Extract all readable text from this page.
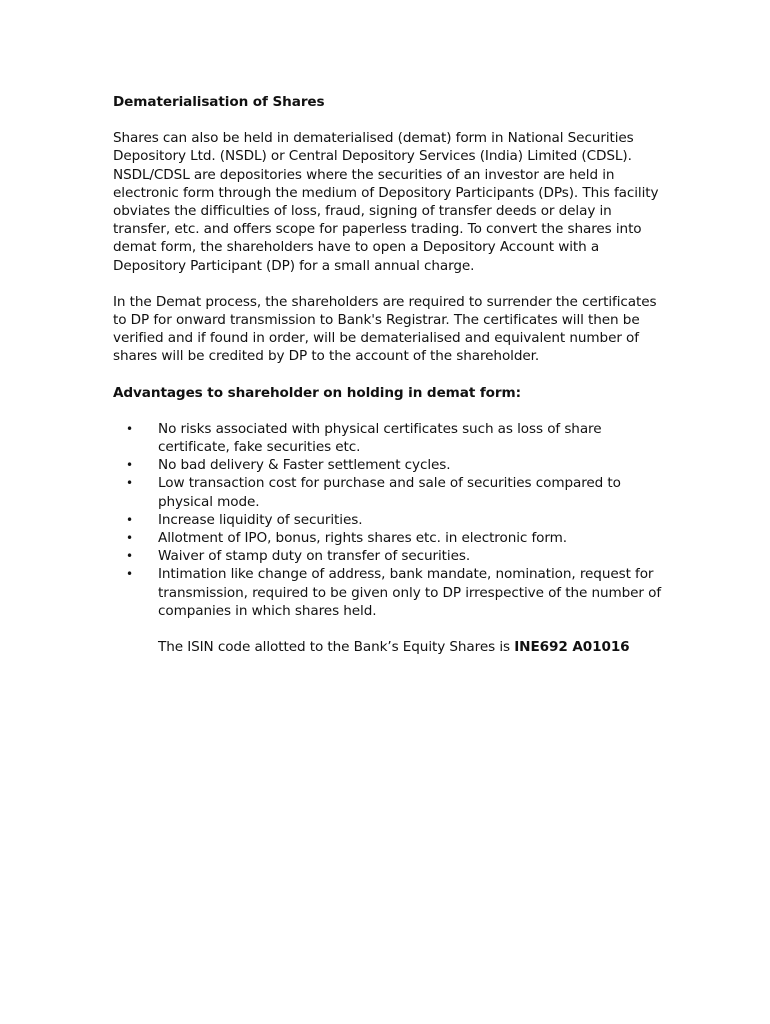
Dematerialisation of Shares

Shares can also be held in dematerialised (demat) form in National Securities Depository Ltd. (NSDL) or Central Depository Services (India) Limited (CDSL). NSDL/CDSL are depositories where the securities of an investor are held in electronic form through the medium of Depository Participants (DPs). This facility obviates the difficulties of loss, fraud, signing of transfer deeds or delay in transfer, etc. and offers scope for paperless trading. To convert the shares into demat form, the shareholders have to open a Depository Account with a Depository Participant (DP) for a small annual charge.

In the Demat process, the shareholders are required to surrender the certificates to DP for onward transmission to Bank's Registrar. The certificates will then be verified and if found in order, will be dematerialised and equivalent number of shares will be credited by DP to the account of the shareholder.

Advantages to shareholder on holding in demat form:

• No risks associated with physical certificates such as loss of share certificate, fake securities etc.
• No bad delivery & Faster settlement cycles.
• Low transaction cost for purchase and sale of securities compared to physical mode.
• Increase liquidity of securities.
• Allotment of IPO, bonus, rights shares etc. in electronic form.
• Waiver of stamp duty on transfer of securities.
• Intimation like change of address, bank mandate, nomination, request for transmission, required to be given only to DP irrespective of the number of companies in which shares held.

The ISIN code allotted to the Bank’s Equity Shares is INE692 A01016
